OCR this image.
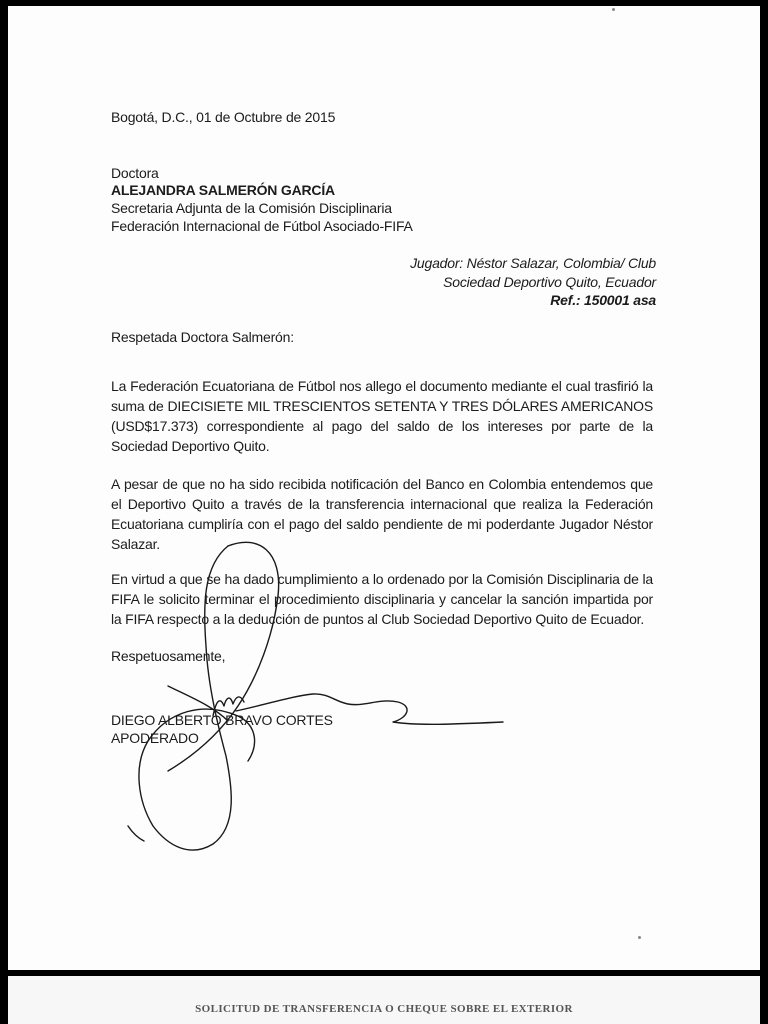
Bogotá, D.C., 01 de Octubre de 2015
Doctora
ALEJANDRA SALMERÓN GARCÍA
Secretaria Adjunta de la Comisión Disciplinaria
Federación Internacional de Fútbol Asociado-FIFA
Jugador: Néstor Salazar, Colombia/ Club
Sociedad Deportivo Quito, Ecuador
Ref.: 150001 asa
Respetada Doctora Salmerón:
La Federación Ecuatoriana de Fútbol nos allego el documento mediante el cual trasfirió la suma de DIECISIETE MIL TRESCIENTOS SETENTA Y TRES DÓLARES AMERICANOS (USD$17.373) correspondiente al pago del saldo de los intereses por parte de la Sociedad Deportivo Quito.
A pesar de que no ha sido recibida notificación del Banco en Colombia entendemos que el Deportivo Quito a través de la transferencia internacional que realiza la Federación Ecuatoriana cumpliría con el pago del saldo pendiente de mi poderdante Jugador Néstor Salazar.
En virtud a que se ha dado cumplimiento a lo ordenado por la Comisión Disciplinaria de la FIFA le solicito terminar el procedimiento disciplinaria y cancelar la sanción impartida por la FIFA respecto a la deducción de puntos al Club Sociedad Deportivo Quito de Ecuador.
Respetuosamente,
DIEGO ALBERTO BRAVO CORTES
APODERADO
SOLICITUD DE TRANSFERENCIA O CHEQUE SOBRE EL EXTERIOR
